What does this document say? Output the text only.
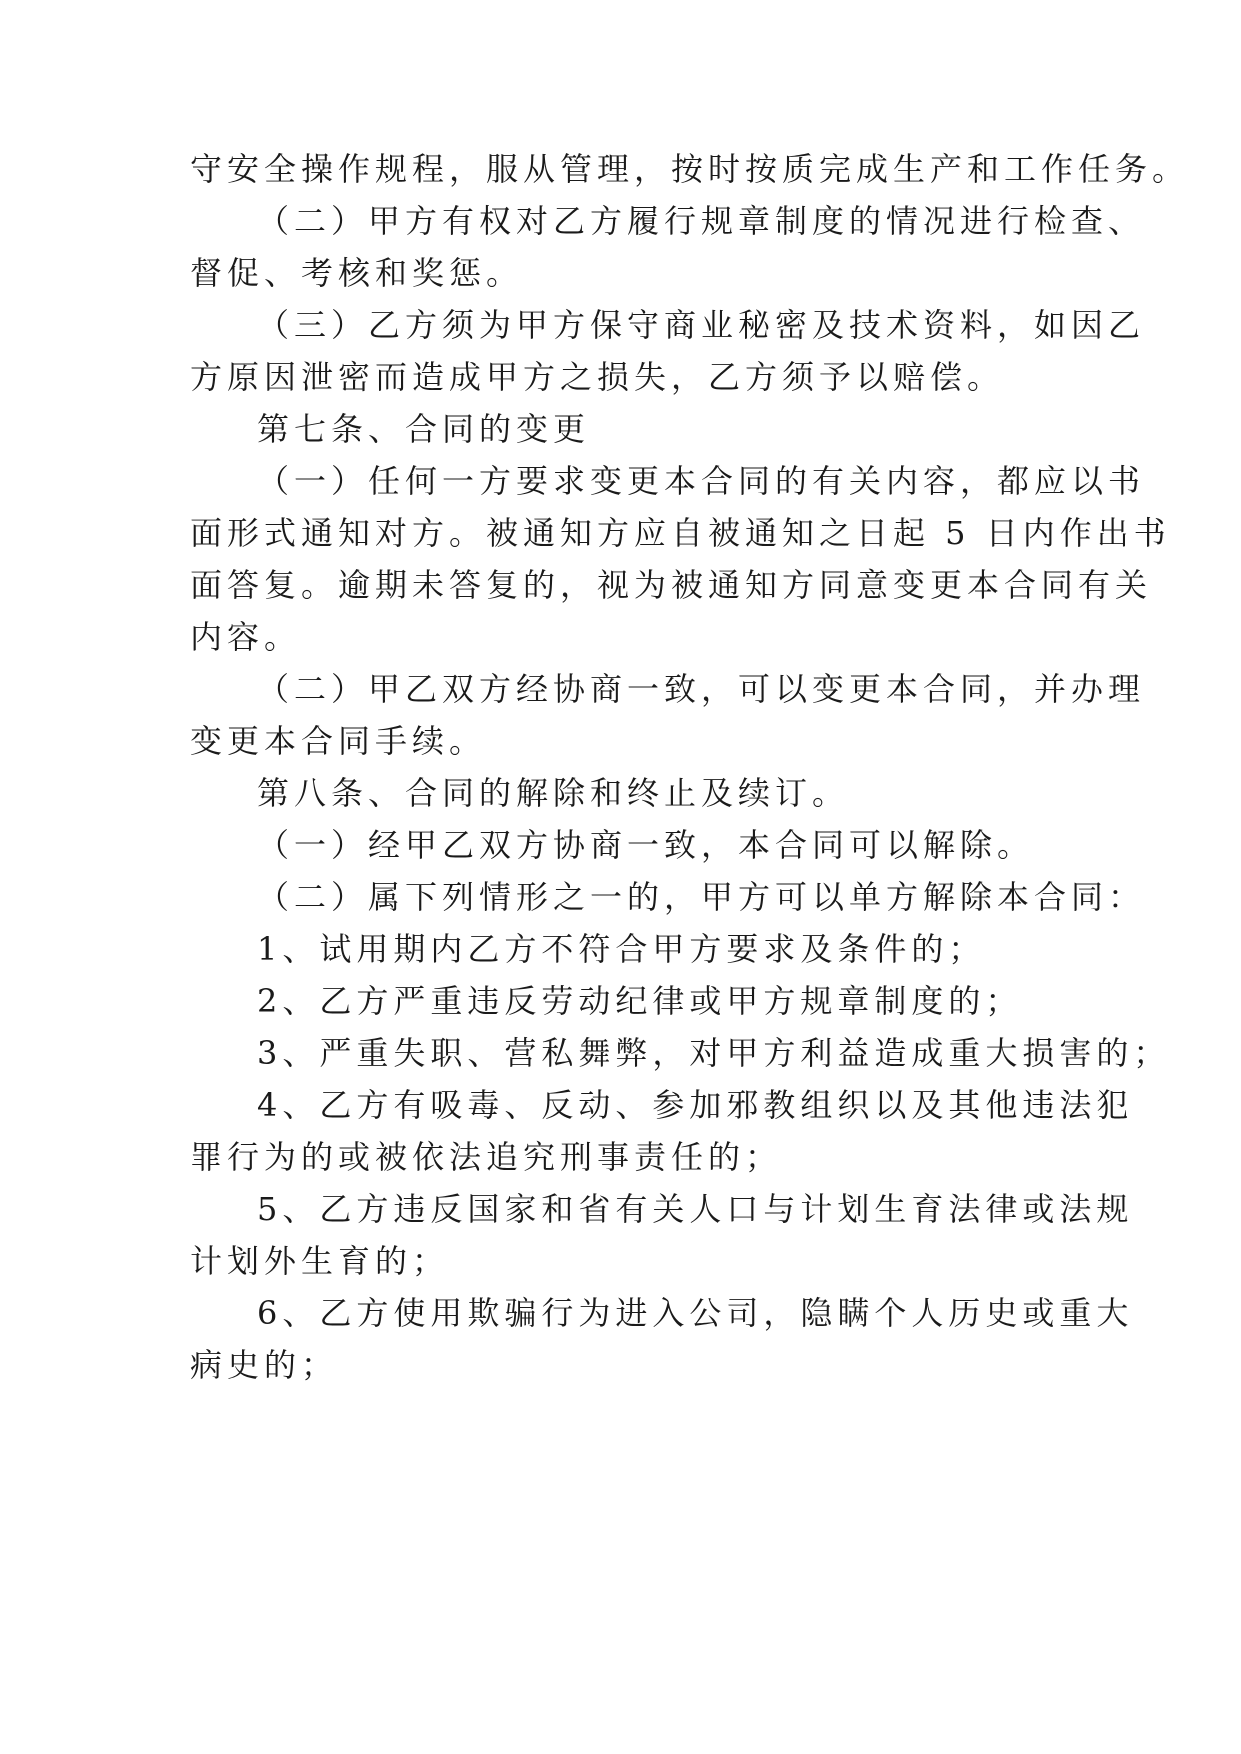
守安全操作规程，服从管理，按时按质完成生产和工作任务。
（二）甲方有权对乙方履行规章制度的情况进行检查、
督促、考核和奖惩。
（三）乙方须为甲方保守商业秘密及技术资料，如因乙
方原因泄密而造成甲方之损失，乙方须予以赔偿。
第七条、合同的变更
（一）任何一方要求变更本合同的有关内容，都应以书
面形式通知对方。被通知方应自被通知之日起 5 日内作出书
面答复。逾期未答复的，视为被通知方同意变更本合同有关
内容。
（二）甲乙双方经协商一致，可以变更本合同，并办理
变更本合同手续。
第八条、合同的解除和终止及续订。
（一）经甲乙双方协商一致，本合同可以解除。
（二）属下列情形之一的，甲方可以单方解除本合同：
1、试用期内乙方不符合甲方要求及条件的；
2、乙方严重违反劳动纪律或甲方规章制度的；
3、严重失职、营私舞弊，对甲方利益造成重大损害的；
4、乙方有吸毒、反动、参加邪教组织以及其他违法犯
罪行为的或被依法追究刑事责任的；
5、乙方违反国家和省有关人口与计划生育法律或法规
计划外生育的；
6、乙方使用欺骗行为进入公司，隐瞒个人历史或重大
病史的；
